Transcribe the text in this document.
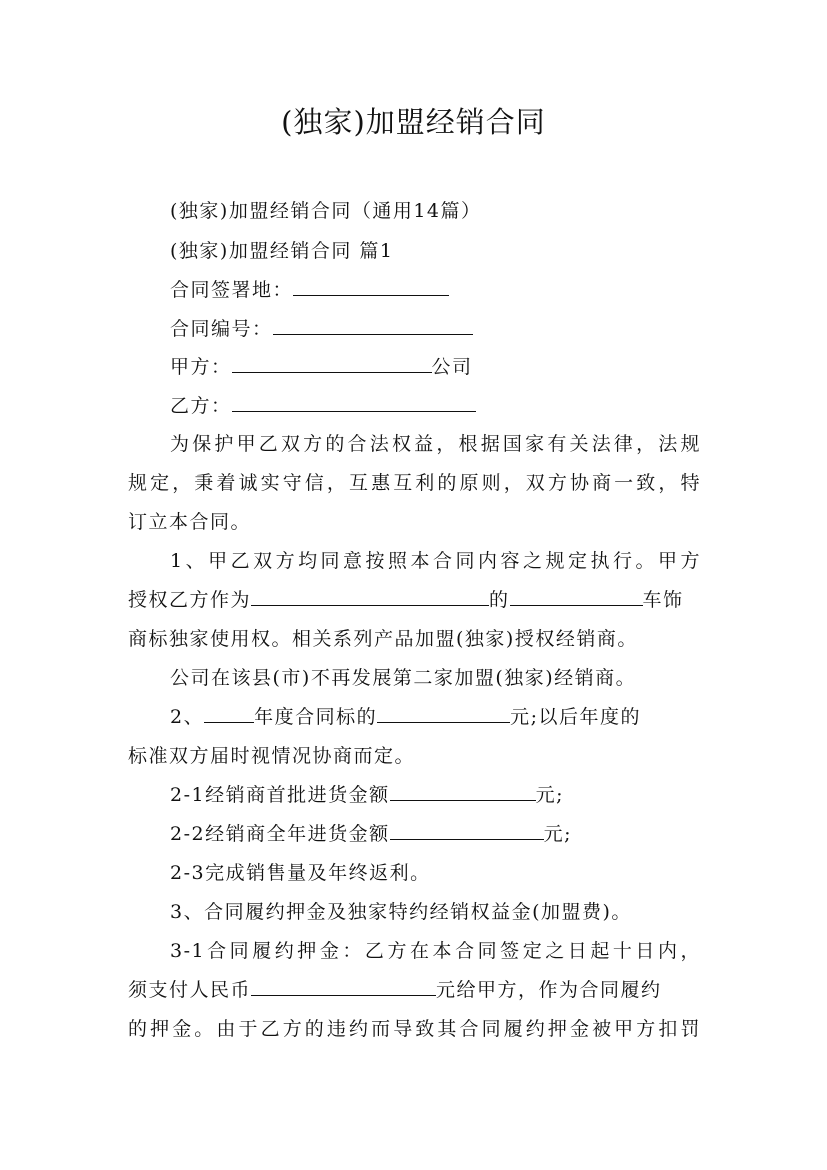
(独家)加盟经销合同
(独家)加盟经销合同（通用14篇）
(独家)加盟经销合同 篇1
合同签署地：
合同编号：
甲方：	公司
乙方：
为保护甲乙双方的合法权益，根据国家有关法律，法规
规定，秉着诚实守信，互惠互利的原则，双方协商一致，特
订立本合同。
1、甲乙双方均同意按照本合同内容之规定执行。甲方
授权乙方作为	的	车饰
商标独家使用权。相关系列产品加盟(独家)授权经销商。
公司在该县(市)不再发展第二家加盟(独家)经销商。
2、	年度合同标的	元;以后年度的
标准双方届时视情况协商而定。
2-1经销商首批进货金额	元;
2-2经销商全年进货金额	元;
2-3完成销售量及年终返利。
3、合同履约押金及独家特约经销权益金(加盟费)。
3-1合同履约押金：乙方在本合同签定之日起十日内，
须支付人民币	元给甲方，作为合同履约
的押金。由于乙方的违约而导致其合同履约押金被甲方扣罚
